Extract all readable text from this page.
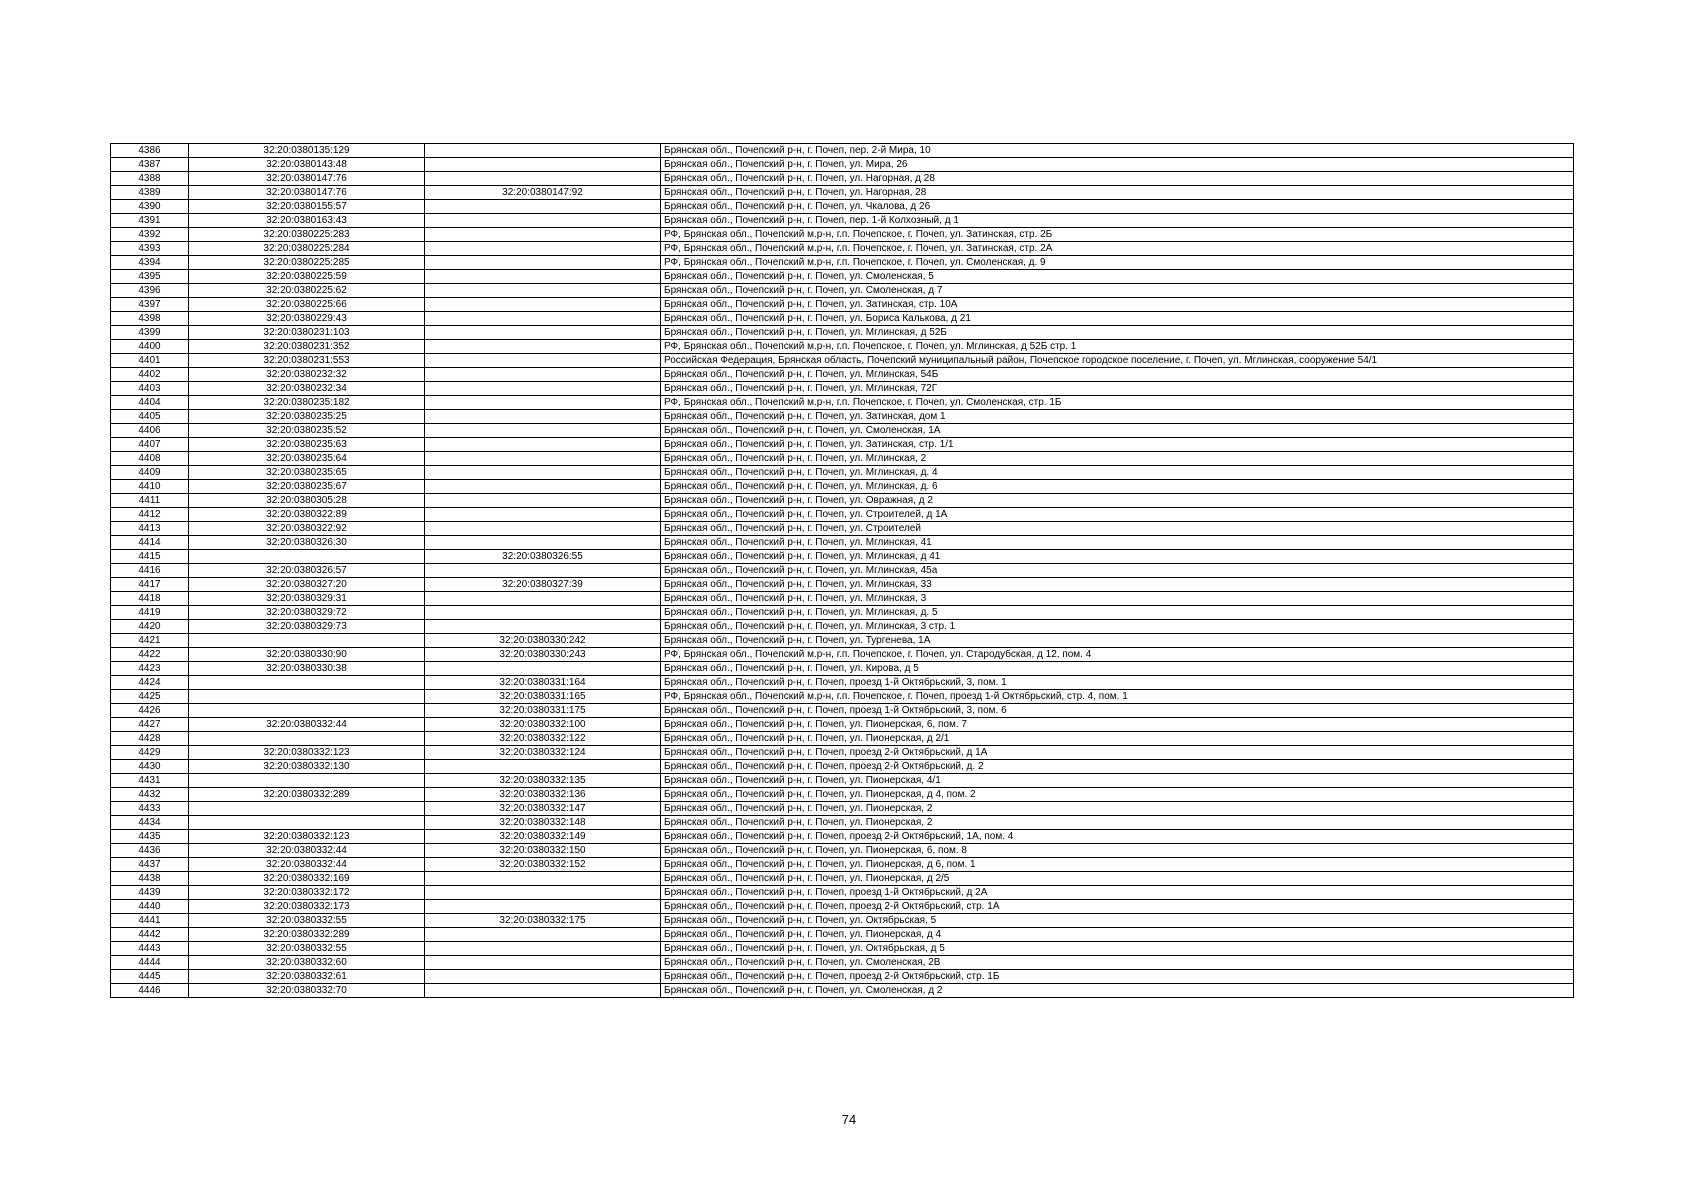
4386	32:20:0380135:129		Брянская обл., Почепский р-н, г. Почеп, пер. 2-й Мира, 10
4387	32:20:0380143:48		Брянская обл., Почепский р-н, г. Почеп, ул. Мира, 26
4388	32:20:0380147:76		Брянская обл., Почепский р-н, г. Почеп, ул. Нагорная, д 28
4389	32:20:0380147:76	32:20:0380147:92	Брянская обл., Почепский р-н, г. Почеп, ул. Нагорная, 28
4390	32:20:0380155:57		Брянская обл., Почепский р-н, г. Почеп, ул. Чкалова, д 26
4391	32:20:0380163:43		Брянская обл., Почепский р-н, г. Почеп, пер. 1-й Колхозный, д 1
4392	32:20:0380225:283		РФ, Брянская обл., Почепский м.р-н, г.п. Почепское, г. Почеп, ул. Затинская, стр. 2Б
4393	32:20:0380225:284		РФ, Брянская обл., Почепский м.р-н, г.п. Почепское, г. Почеп, ул. Затинская, стр. 2А
4394	32:20:0380225:285		РФ, Брянская обл., Почепский м.р-н, г.п. Почепское, г. Почеп, ул. Смоленская, д. 9
4395	32:20:0380225:59		Брянская обл., Почепский р-н, г. Почеп, ул. Смоленская, 5
4396	32:20:0380225:62		Брянская обл., Почепский р-н, г. Почеп, ул. Смоленская, д 7
4397	32:20:0380225:66		Брянская обл., Почепский р-н, г. Почеп, ул. Затинская, стр. 10А
4398	32:20:0380229:43		Брянская обл., Почепский р-н, г. Почеп, ул. Бориса Калькова, д 21
4399	32:20:0380231:103		Брянская обл., Почепский р-н, г. Почеп, ул. Мглинская, д 52Б
4400	32:20:0380231:352		РФ, Брянская обл., Почепский м.р-н, г.п. Почепское, г. Почеп, ул. Мглинская, д 52Б стр. 1
4401	32:20:0380231:553		Российская Федерация, Брянская область, Почепский муниципальный район, Почепское городское поселение, г. Почеп, ул. Мглинская, сооружение 54/1
4402	32:20:0380232:32		Брянская обл., Почепский р-н, г. Почеп, ул. Мглинская, 54Б
4403	32:20:0380232:34		Брянская обл., Почепский р-н, г. Почеп, ул. Мглинская, 72Г
4404	32:20:0380235:182		РФ, Брянская обл., Почепский м.р-н, г.п. Почепское, г. Почеп, ул. Смоленская, стр. 1Б
4405	32:20:0380235:25		Брянская обл., Почепский р-н, г. Почеп, ул. Затинская, дом 1
4406	32:20:0380235:52		Брянская обл., Почепский р-н, г. Почеп, ул. Смоленская, 1А
4407	32:20:0380235:63		Брянская обл., Почепский р-н, г. Почеп, ул. Затинская, стр. 1/1
4408	32:20:0380235:64		Брянская обл., Почепский р-н, г. Почеп, ул. Мглинская, 2
4409	32:20:0380235:65		Брянская обл., Почепский р-н, г. Почеп, ул. Мглинская, д. 4
4410	32:20:0380235:67		Брянская обл., Почепский р-н, г. Почеп, ул. Мглинская, д. 6
4411	32:20:0380305:28		Брянская обл., Почепский р-н, г. Почеп, ул. Овражная, д 2
4412	32:20:0380322:89		Брянская обл., Почепский р-н, г. Почеп, ул. Строителей, д 1А
4413	32:20:0380322:92		Брянская обл., Почепский р-н, г. Почеп, ул. Строителей
4414	32:20:0380326:30		Брянская обл., Почепский р-н, г. Почеп, ул. Мглинская, 41
4415		32:20:0380326:55	Брянская обл., Почепский р-н, г. Почеп, ул. Мглинская, д 41
4416	32:20:0380326:57		Брянская обл., Почепский р-н, г. Почеп, ул. Мглинская, 45а
4417	32:20:0380327:20	32:20:0380327:39	Брянская обл., Почепский р-н, г. Почеп, ул. Мглинская, 33
4418	32:20:0380329:31		Брянская обл., Почепский р-н, г. Почеп, ул. Мглинская, 3
4419	32:20:0380329:72		Брянская обл., Почепский р-н, г. Почеп, ул. Мглинская, д. 5
4420	32:20:0380329:73		Брянская обл., Почепский р-н, г. Почеп, ул. Мглинская, 3 стр. 1
4421		32:20:0380330:242	Брянская обл., Почепский р-н, г. Почеп, ул. Тургенева, 1А
4422	32:20:0380330:90	32:20:0380330:243	РФ, Брянская обл., Почепский м.р-н, г.п. Почепское, г. Почеп, ул. Стародубская, д 12, пом. 4
4423	32:20:0380330:38		Брянская обл., Почепский р-н, г. Почеп, ул. Кирова, д 5
4424		32:20:0380331:164	Брянская обл., Почепский р-н, г. Почеп, проезд 1-й Октябрьский, 3, пом. 1
4425		32:20:0380331:165	РФ, Брянская обл., Почепский м.р-н, г.п. Почепское, г. Почеп, проезд 1-й Октябрьский, стр. 4, пом. 1
4426		32:20:0380331:175	Брянская обл., Почепский р-н, г. Почеп, проезд 1-й Октябрьский, 3, пом. 6
4427	32:20:0380332:44	32:20:0380332:100	Брянская обл., Почепский р-н, г. Почеп, ул. Пионерская, 6, пом. 7
4428		32:20:0380332:122	Брянская обл., Почепский р-н, г. Почеп, ул. Пионерская, д 2/1
4429	32:20:0380332:123	32:20:0380332:124	Брянская обл., Почепский р-н, г. Почеп, проезд 2-й Октябрьский, д 1А
4430	32:20:0380332:130		Брянская обл., Почепский р-н, г. Почеп, проезд 2-й Октябрьский, д. 2
4431		32:20:0380332:135	Брянская обл., Почепский р-н, г. Почеп, ул. Пионерская, 4/1
4432	32:20:0380332:289	32:20:0380332:136	Брянская обл., Почепский р-н, г. Почеп, ул. Пионерская, д 4, пом. 2
4433		32:20:0380332:147	Брянская обл., Почепский р-н, г. Почеп, ул. Пионерская, 2
4434		32:20:0380332:148	Брянская обл., Почепский р-н, г. Почеп, ул. Пионерская, 2
4435	32:20:0380332:123	32:20:0380332:149	Брянская обл., Почепский р-н, г. Почеп, проезд 2-й Октябрьский, 1А, пом. 4
4436	32:20:0380332:44	32:20:0380332:150	Брянская обл., Почепский р-н, г. Почеп, ул. Пионерская, 6, пом. 8
4437	32:20:0380332:44	32:20:0380332:152	Брянская обл., Почепский р-н, г. Почеп, ул. Пионерская, д 6, пом. 1
4438	32:20:0380332:169		Брянская обл., Почепский р-н, г. Почеп, ул. Пионерская, д 2/5
4439	32:20:0380332:172		Брянская обл., Почепский р-н, г. Почеп, проезд 1-й Октябрьский, д 2А
4440	32:20:0380332:173		Брянская обл., Почепский р-н, г. Почеп, проезд 2-й Октябрьский, стр. 1А
4441	32:20:0380332:55	32:20:0380332:175	Брянская обл., Почепский р-н, г. Почеп, ул. Октябрьская, 5
4442	32:20:0380332:289		Брянская обл., Почепский р-н, г. Почеп, ул. Пионерская, д 4
4443	32:20:0380332:55		Брянская обл., Почепский р-н, г. Почеп, ул. Октябрьская, д 5
4444	32:20:0380332:60		Брянская обл., Почепский р-н, г. Почеп, ул. Смоленская, 2В
4445	32:20:0380332:61		Брянская обл., Почепский р-н, г. Почеп, проезд 2-й Октябрьский, стр. 1Б
4446	32:20:0380332:70		Брянская обл., Почепский р-н, г. Почеп, ул. Смоленская, д 2
74
